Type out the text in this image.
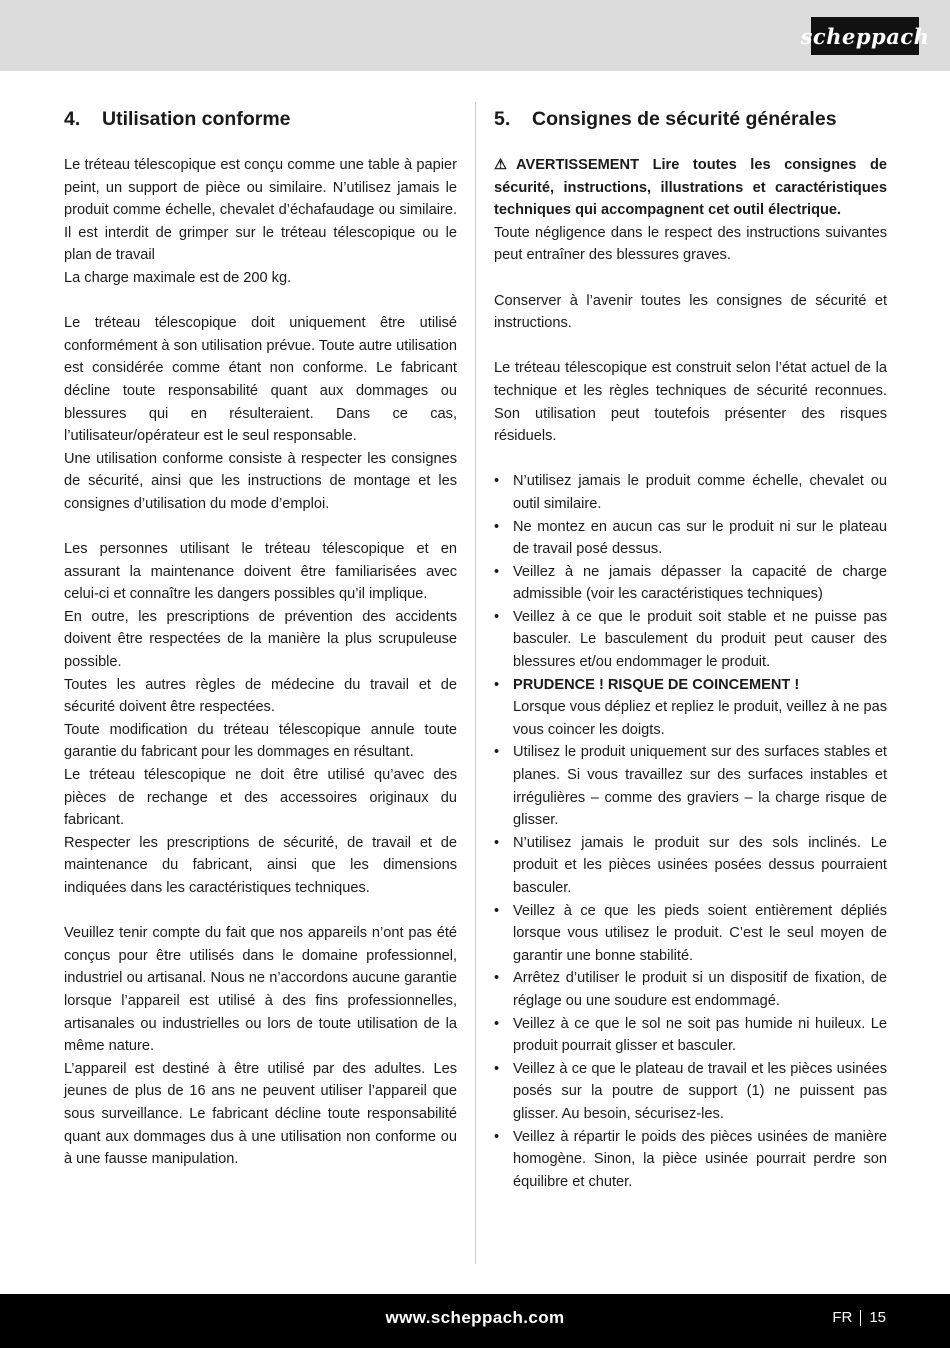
scheppach
4.	Utilisation conforme

Le tréteau télescopique est conçu comme une table à papier peint, un support de pièce ou similaire. N’utilisez jamais le produit comme échelle, chevalet d’échafaudage ou similaire. Il est interdit de grimper sur le tréteau télescopique ou le plan de travail

La charge maximale est de 200 kg.

Le tréteau télescopique doit uniquement être utilisé conformément à son utilisation prévue. Toute autre utilisation est considérée comme étant non conforme. Le fabricant décline toute responsabilité quant aux dommages ou blessures qui en résulteraient. Dans ce cas, l’utilisateur/opérateur est le seul responsable.

Une utilisation conforme consiste à respecter les consignes de sécurité, ainsi que les instructions de montage et les consignes d’utilisation du mode d’emploi.

Les personnes utilisant le tréteau télescopique et en assurant la maintenance doivent être familiarisées avec celui-ci et connaître les dangers possibles qu’il implique.

En outre, les prescriptions de prévention des accidents doivent être respectées de la manière la plus scrupuleuse possible.

Toutes les autres règles de médecine du travail et de sécurité doivent être respectées.

Toute modification du tréteau télescopique annule toute garantie du fabricant pour les dommages en résultant.

Le tréteau télescopique ne doit être utilisé qu’avec des pièces de rechange et des accessoires originaux du fabricant.

Respecter les prescriptions de sécurité, de travail et de maintenance du fabricant, ainsi que les dimensions indiquées dans les caractéristiques techniques.

Veuillez tenir compte du fait que nos appareils n’ont pas été conçus pour être utilisés dans le domaine professionnel, industriel ou artisanal. Nous ne n’accordons aucune garantie lorsque l’appareil est utilisé à des fins professionnelles, artisanales ou industrielles ou lors de toute utilisation de la même nature.

L’appareil est destiné à être utilisé par des adultes. Les jeunes de plus de 16 ans ne peuvent utiliser l’appareil que sous surveillance. Le fabricant décline toute responsabilité quant aux dommages dus à une utilisation non conforme ou à une fausse manipulation.

5.	Consignes de sécurité générales

⚠ AVERTISSEMENT Lire toutes les consignes de sécurité, instructions, illustrations et caractéristiques techniques qui accompagnent cet outil électrique.

Toute négligence dans le respect des instructions suivantes peut entraîner des blessures graves.

Conserver à l’avenir toutes les consignes de sécurité et instructions.

Le tréteau télescopique est construit selon l’état actuel de la technique et les règles techniques de sécurité reconnues. Son utilisation peut toutefois présenter des risques résiduels.

• N’utilisez jamais le produit comme échelle, chevalet ou outil similaire.
• Ne montez en aucun cas sur le produit ni sur le plateau de travail posé dessus.
• Veillez à ne jamais dépasser la capacité de charge admissible (voir les caractéristiques techniques)
• Veillez à ce que le produit soit stable et ne puisse pas basculer. Le basculement du produit peut causer des blessures et/ou endommager le produit.
• PRUDENCE ! RISQUE DE COINCEMENT !
Lorsque vous dépliez et repliez le produit, veillez à ne pas vous coincer les doigts.
• Utilisez le produit uniquement sur des surfaces stables et planes. Si vous travaillez sur des surfaces instables et irrégulières – comme des graviers – la charge risque de glisser.
• N’utilisez jamais le produit sur des sols inclinés. Le produit et les pièces usinées posées dessus pourraient basculer.
• Veillez à ce que les pieds soient entièrement dépliés lorsque vous utilisez le produit. C’est le seul moyen de garantir une bonne stabilité.
• Arrêtez d’utiliser le produit si un dispositif de fixation, de réglage ou une soudure est endommagé.
• Veillez à ce que le sol ne soit pas humide ni huileux. Le produit pourrait glisser et basculer.
• Veillez à ce que le plateau de travail et les pièces usinées posés sur la poutre de support (1) ne puissent pas glisser. Au besoin, sécurisez-les.
• Veillez à répartir le poids des pièces usinées de manière homogène. Sinon, la pièce usinée pourrait perdre son équilibre et chuter.
www.scheppach.com	FR 15
